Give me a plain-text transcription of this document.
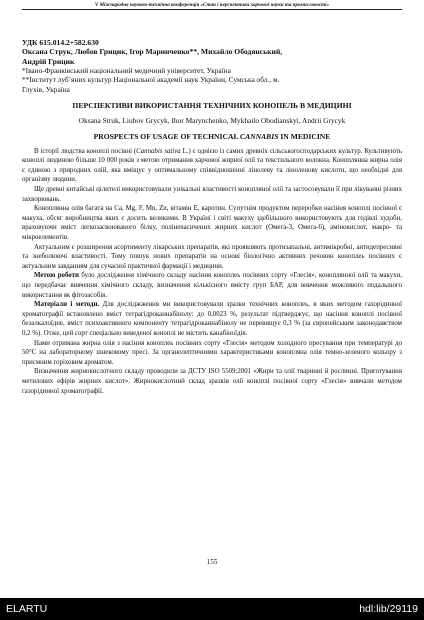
V Міжнародна науково-технічна конференція «Стан і перспективи харчової науки та промисловості»
УДК 615.014.2+582.630
Оксана Струк, Любов Грицик, Ігор Маринченко**, Михайло Ободянський,
Андрій Грицик
*Івано-Франківський національний медичний університет, Україна
**Інститут луб’яних культур Національної академії наук України, Сумська обл., м.
Глухів, Україна
ПЕРСПЕКТИВИ ВИКОРИСТАННЯ ТЕХНІЧНИХ КОНОПЕЛЬ В МЕДИЦИНІ
Oksana Struk, Liubov Grycyk, Ihor Marynchenko, Mykhailo Obodianskyi, Andrii Grycyk
PROSPECTS OF USAGE OF TECHNICAL CANNABIS IN MEDICINE

В історії людства коноплі посівні (Cannabis sativa L.) є однією із самих древніх сільськогосподарських культур. Культивують коноплі людиною більше 10 000 років з метою отримання харчової жирної олії та текстильного волокна. Коноплянна жирна олія є єдиною з природних олій, яка вміщує у оптимальному співвідношенні лінолеву та ліноленову кислоти, що необхідні для організму людини.

Ще древні китайські цілителі використовували унікальні властивості конопляної олії та застосовували її при лікуванні різних захворювань.

Коноплянна олія багата на Ca, Mg, F, Mn, Zn, вітамін E, каротин. Супутнім продуктом переробки насіння коноплі посівної є макуха, обсяг виробництва яких є досить великими. В Україні і світі макуху здебільшого використовують для годівлі худоби, враховуючи вміст легкозасвоюваного білку, полінenасичених жирних кислот (Омега-3, Омега-6), амінокислот, макро- та мікроелементів.

Актуальним є розширення асортименту лікарських препаратів, які проявляють протизапальні, антимікробні, антидепресивні та знеболюючі властивості. Тому пошук нових препаратів на основі біологічно активних речовин коноплеь посівних є актуальним завданням для сучасної практичної фармації і медицини.

Метою роботи було дослідження хімічного складу насіння коноплеь посівних сорту «Глесія», коноплянної олії та макухи, що передбачає вивчення хімічного складу, визначення кількісного вмісту груп БАР, для вивчення можливого подальшого використання як фітозасобів.

Матеріали і методи. Для досліджження ми використовували зразки технічних коноплеь, в яких методом газорідинної хроматографії встановлено вміст тетрагідроканнабінолу: до 0,0023 %, результат підтверджує, що насіння коноплі посівної безалкалоїдне, вміст психоактивного компоненту тетрагідроканнабінолу не перевищує 0,3 % (за європейським законодавством 0,2 %). Отже, цей сорт спеціально виведеної коноплі не містить канабіноїдів.

Нами отримана жирна олія з насіння коноплеь посівних сорту «Глесія» методом холодного пресування при температурі до 50°С на лабораторному шнековому пресі. За органолептичними характеристиками конопляна олія темно-зеленого кольору з присмним горіховим ароматом.

Визначення жирнокислотного складу проводили за ДСТУ ISO 5509:2001 «Жири та олії тваринні й рослинні. Приготування метилових ефірів жирних кислот». Жирнокислотний склад зразків олії коноплі посівної сорту «Глесія» вивчали методом газорідинної хроматографії.

155
ELARTU	hdl:lib/29119
